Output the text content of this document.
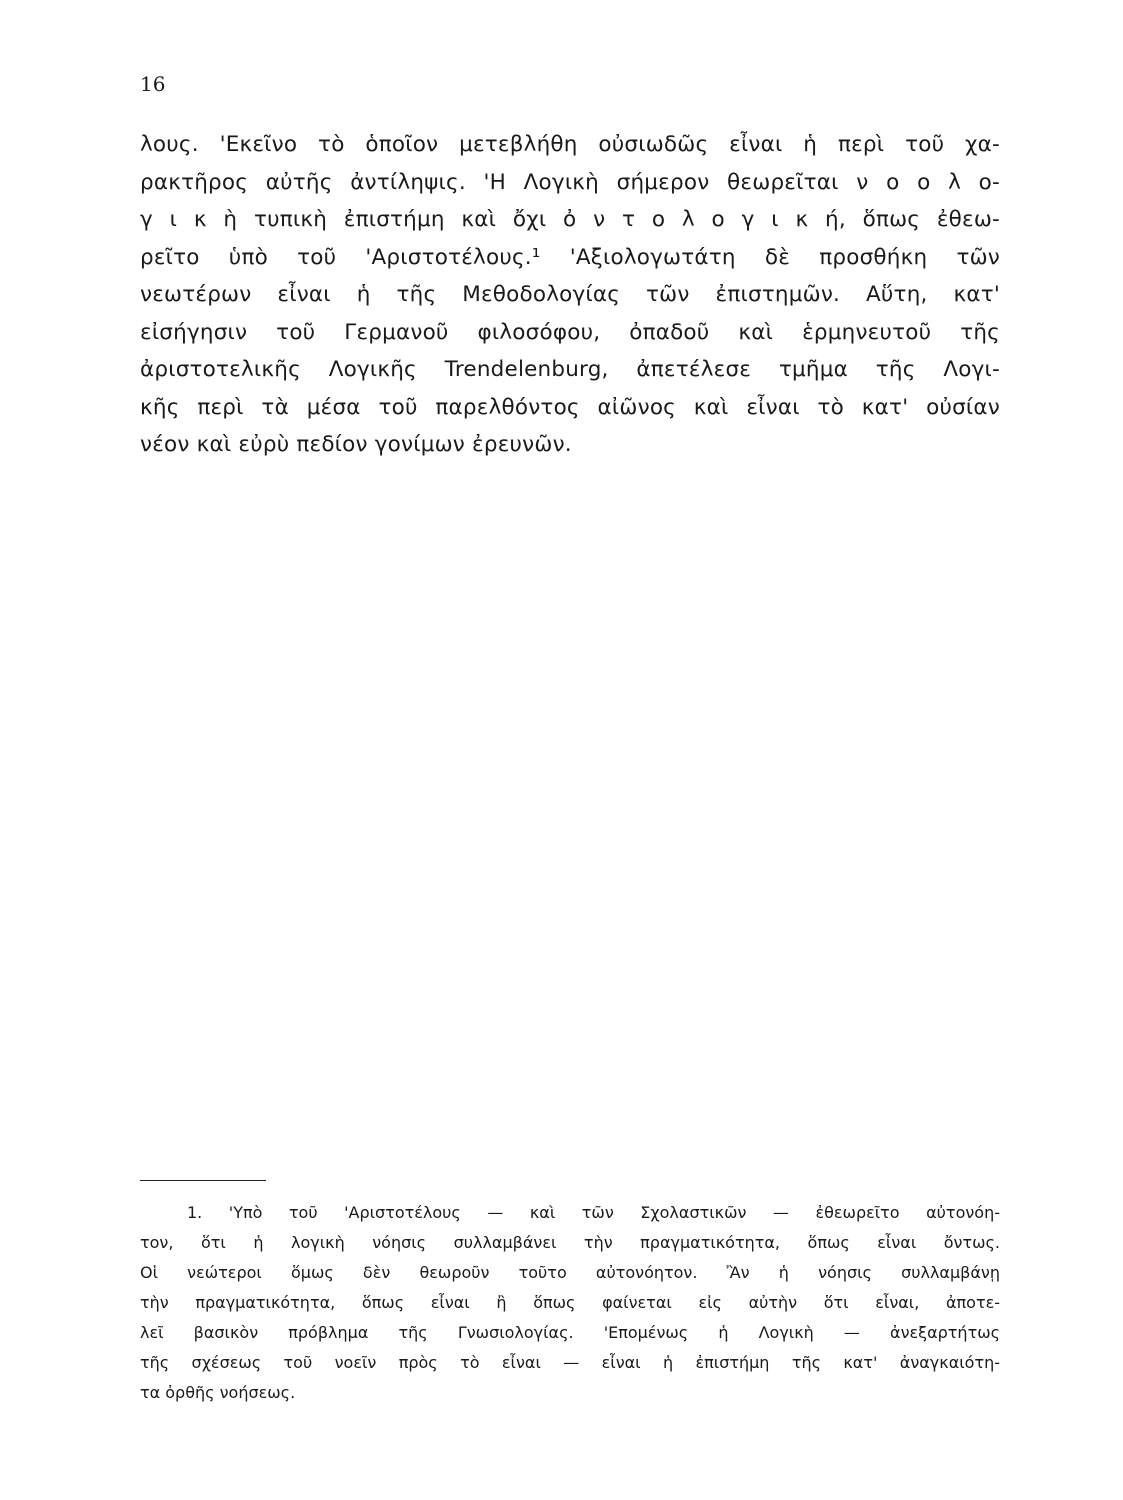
16
λους. 'Εκεῖνο τὸ ὁποῖον μετεβλήθη οὐσιωδῶς εἶναι ἡ περὶ τοῦ χα-
ρακτῆρος αὐτῆς ἀντίληψις. 'Η Λογικὴ σήμερον θεωρεῖται ν ο ο λ ο-
γ ι κ ὴ τυπικὴ ἐπιστήμη καὶ ὄχι ὀ ν τ ο λ ο γ ι κ ή, ὅπως ἐθεω-
ρεῖτο ὑπὸ τοῦ 'Αριστοτέλους.¹ 'Αξιολογωτάτη δὲ προσθήκη τῶν
νεωτέρων εἶναι ἡ τῆς Μεθοδολογίας τῶν ἐπιστημῶν. Αὕτη, κατ'
εἰσήγησιν τοῦ Γερμανοῦ φιλοσόφου, ὀπαδοῦ καὶ ἑρμηνευτοῦ τῆς
ἀριστοτελικῆς Λογικῆς Trendelenburg, ἀπετέλεσε τμῆμα τῆς Λογι-
κῆς περὶ τὰ μέσα τοῦ παρελθόντος αἰῶνος καὶ εἶναι τὸ κατ' οὐσίαν
νέον καὶ εὐρὺ πεδίον γονίμων ἐρευνῶν.
1. 'Υπὸ τοῦ 'Αριστοτέλους — καὶ τῶν Σχολαστικῶν — ἐθεωρεῖτο αὐτονόη-
τον, ὅτι ἡ λογικὴ νόησις συλλαμβάνει τὴν πραγματικότητα, ὅπως εἶναι ὄντως.
Οἱ νεώτεροι ὅμως δὲν θεωροῦν τοῦτο αὐτονόητον. Ἂν ἡ νόησις συλλαμβάνῃ
τὴν πραγματικότητα, ὅπως εἶναι ἢ ὅπως φαίνεται εἰς αὐτὴν ὅτι εἶναι, ἀποτε-
λεῖ βασικὸν πρόβλημα τῆς Γνωσιολογίας. 'Επομένως ἡ Λογικὴ — ἀνεξαρτήτως
τῆς σχέσεως τοῦ νοεῖν πρὸς τὸ εἶναι — εἶναι ἡ ἐπιστήμη τῆς κατ' ἀναγκαιότη-
τα ὀρθῆς νοήσεως.
